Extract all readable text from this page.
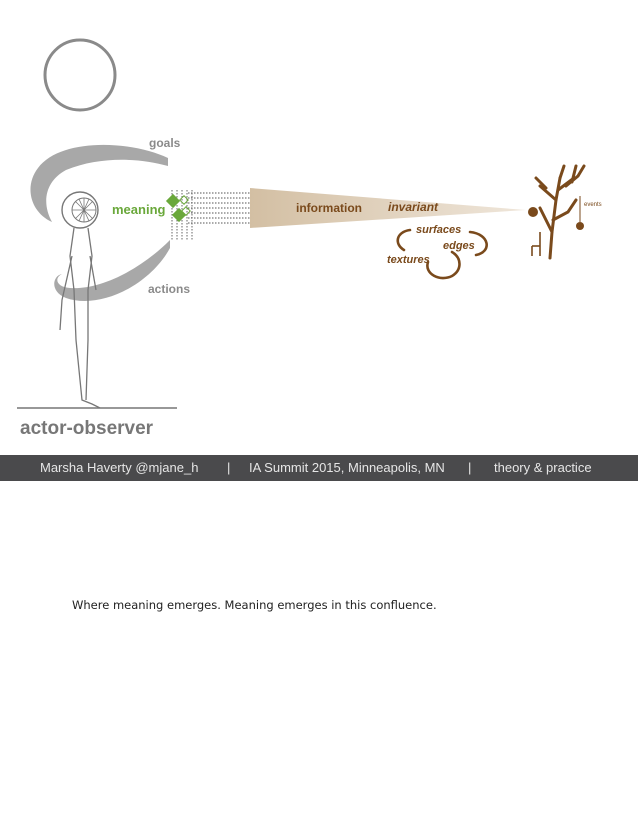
goals
meaning
actions
information invariant
surfaces
edges
textures
events
actor-observer
Marsha Haverty @mjane_h | IA Summit 2015, Minneapolis, MN | theory & practice
Where meaning emerges. Meaning emerges in this confluence.
